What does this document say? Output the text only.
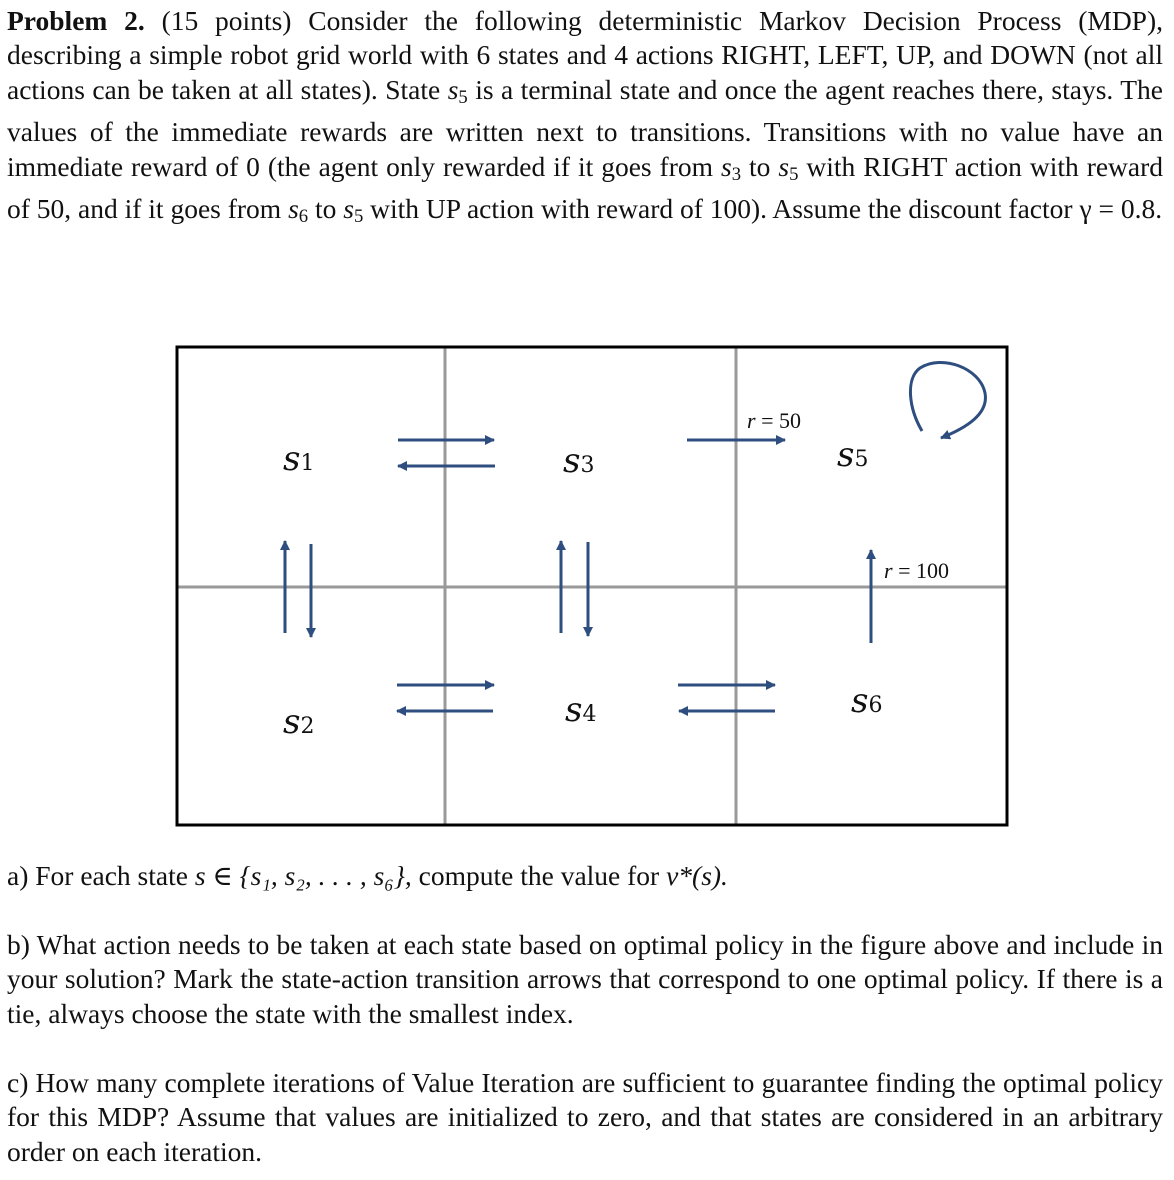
Problem 2. (15 points) Consider the following deterministic Markov Decision Process (MDP), describing a simple robot grid world with 6 states and 4 actions RIGHT, LEFT, UP, and DOWN (not all actions can be taken at all states). State $s_5$ is a terminal state and once the agent reaches there, stays. The values of the immediate rewards are written next to transitions. Transitions with no value have an immediate reward of 0 (the agent only rewarded if it goes from $s_3$ to $s_5$ with RIGHT action with reward of 50, and if it goes from $s_6$ to $s_5$ with UP action with reward of 100). Assume the discount factor γ = 0.8.
s1
s2
s3
s4
s5
s6
r = 50
r = 100
a) For each state s ∈ {s₁, s₂, . . . , s₆}, compute the value for v*(s).
b) What action needs to be taken at each state based on optimal policy in the figure above and include in your solution? Mark the state-action transition arrows that correspond to one optimal policy. If there is a tie, always choose the state with the smallest index.
c) How many complete iterations of Value Iteration are sufficient to guarantee finding the optimal policy for this MDP? Assume that values are initialized to zero, and that states are considered in an arbitrary order on each iteration.
